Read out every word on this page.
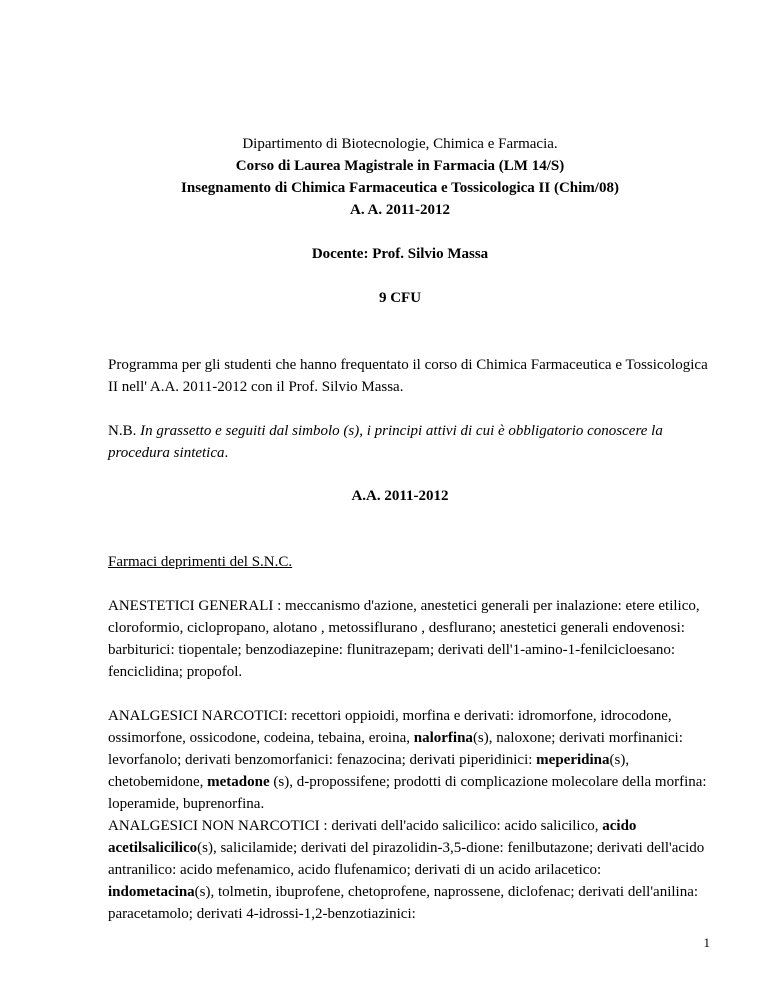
Dipartimento di Biotecnologie, Chimica e Farmacia.
Corso di Laurea Magistrale in Farmacia (LM 14/S)
Insegnamento di Chimica Farmaceutica e Tossicologica II (Chim/08)
A. A. 2011-2012
Docente: Prof. Silvio Massa
9 CFU
Programma per gli studenti che hanno frequentato il corso di Chimica Farmaceutica e Tossicologica II nell' A.A. 2011-2012 con il Prof. Silvio Massa.
N.B. In grassetto e seguiti dal simbolo (s), i principi attivi di cui è obbligatorio conoscere la procedura sintetica.
A.A. 2011-2012
Farmaci deprimenti del S.N.C.
ANESTETICI GENERALI : meccanismo d'azione, anestetici generali per inalazione: etere etilico, cloroformio, ciclopropano, alotano , metossiflurano , desflurano; anestetici generali endovenosi: barbiturici: tiopentale; benzodiazepine: flunitrazepam; derivati dell'1-amino-1-fenilcicloesano: fenciclidina; propofol.
ANALGESICI NARCOTICI: recettori oppioidi, morfina e derivati: idromorfone, idrocodone, ossimorfone, ossicodone, codeina, tebaina, eroina, nalorfina(s), naloxone; derivati morfinanici: levorfanolo; derivati benzomorfanici: fenazocina; derivati piperidinici: meperidina(s), chetobemidone, metadone (s), d-propossifene; prodotti di complicazione molecolare della morfina: loperamide, buprenorfina.
ANALGESICI NON NARCOTICI : derivati dell'acido salicilico: acido salicilico, acido acetilsalicilico(s), salicilamide; derivati del pirazolidin-3,5-dione: fenilbutazone; derivati dell'acido antranilico: acido mefenamico, acido flufenamico; derivati di un acido arilacetico: indometacina(s), tolmetin, ibuprofene, chetoprofene, naprossene, diclofenac; derivati dell'anilina: paracetamolo; derivati 4-idrossi-1,2-benzotiazinici:
1
